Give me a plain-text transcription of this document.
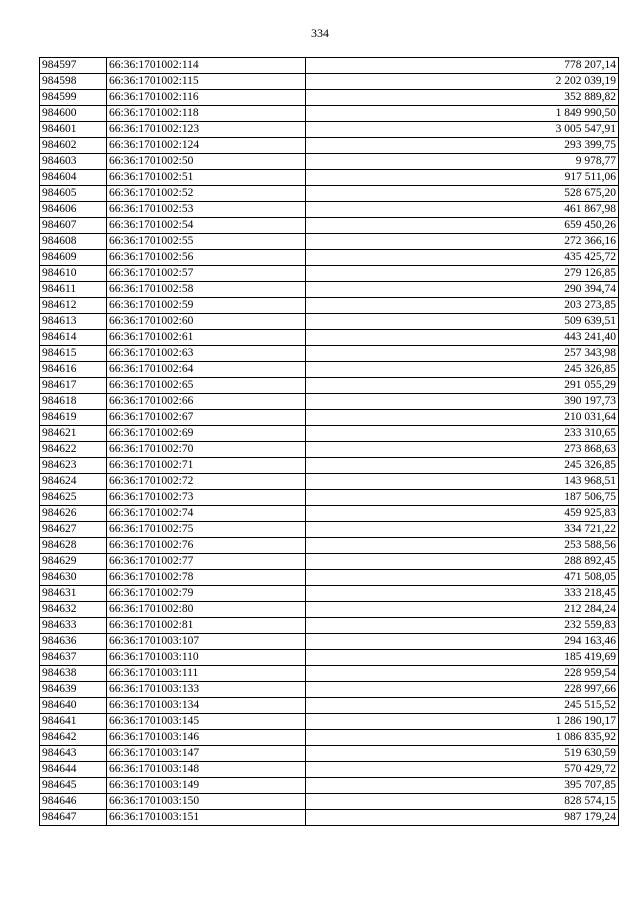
334
984597	66:36:1701002:114	778 207,14
984598	66:36:1701002:115	2 202 039,19
984599	66:36:1701002:116	352 889,82
984600	66:36:1701002:118	1 849 990,50
984601	66:36:1701002:123	3 005 547,91
984602	66:36:1701002:124	293 399,75
984603	66:36:1701002:50	9 978,77
984604	66:36:1701002:51	917 511,06
984605	66:36:1701002:52	528 675,20
984606	66:36:1701002:53	461 867,98
984607	66:36:1701002:54	659 450,26
984608	66:36:1701002:55	272 366,16
984609	66:36:1701002:56	435 425,72
984610	66:36:1701002:57	279 126,85
984611	66:36:1701002:58	290 394,74
984612	66:36:1701002:59	203 273,85
984613	66:36:1701002:60	509 639,51
984614	66:36:1701002:61	443 241,40
984615	66:36:1701002:63	257 343,98
984616	66:36:1701002:64	245 326,85
984617	66:36:1701002:65	291 055,29
984618	66:36:1701002:66	390 197,73
984619	66:36:1701002:67	210 031,64
984621	66:36:1701002:69	233 310,65
984622	66:36:1701002:70	273 868,63
984623	66:36:1701002:71	245 326,85
984624	66:36:1701002:72	143 968,51
984625	66:36:1701002:73	187 506,75
984626	66:36:1701002:74	459 925,83
984627	66:36:1701002:75	334 721,22
984628	66:36:1701002:76	253 588,56
984629	66:36:1701002:77	288 892,45
984630	66:36:1701002:78	471 508,05
984631	66:36:1701002:79	333 218,45
984632	66:36:1701002:80	212 284,24
984633	66:36:1701002:81	232 559,83
984636	66:36:1701003:107	294 163,46
984637	66:36:1701003:110	185 419,69
984638	66:36:1701003:111	228 959,54
984639	66:36:1701003:133	228 997,66
984640	66:36:1701003:134	245 515,52
984641	66:36:1701003:145	1 286 190,17
984642	66:36:1701003:146	1 086 835,92
984643	66:36:1701003:147	519 630,59
984644	66:36:1701003:148	570 429,72
984645	66:36:1701003:149	395 707,85
984646	66:36:1701003:150	828 574,15
984647	66:36:1701003:151	987 179,24
